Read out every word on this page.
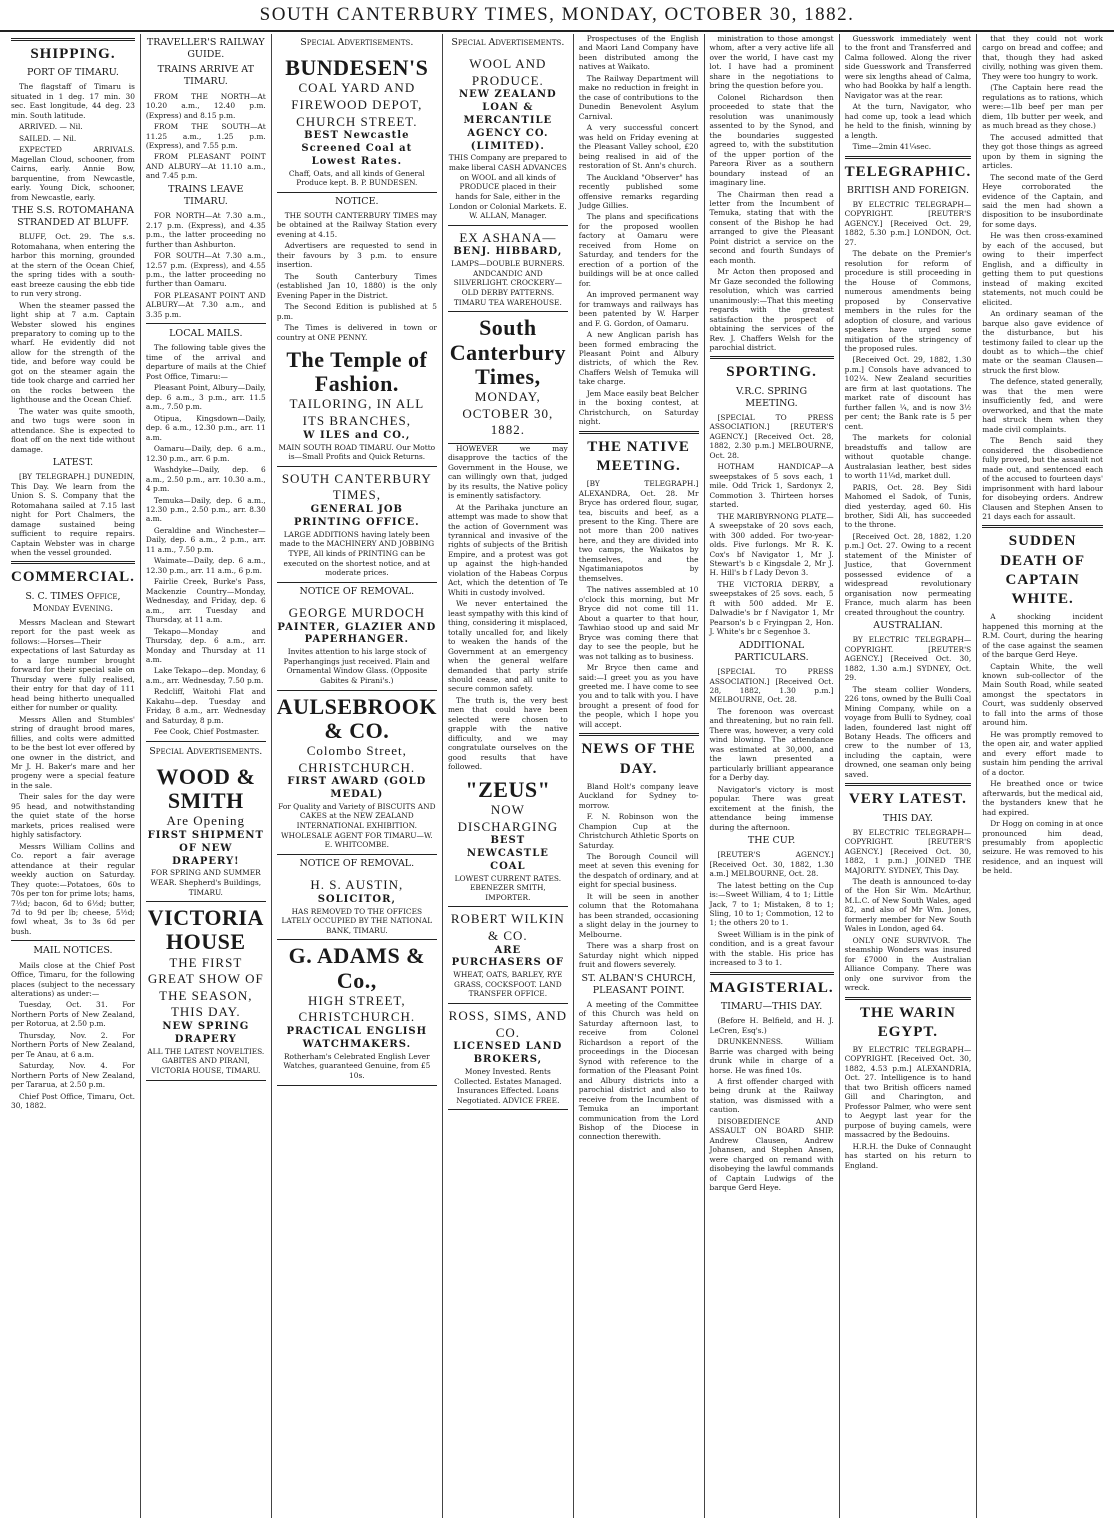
SOUTH CANTERBURY TIMES, MONDAY, OCTOBER 30, 1882.
SHIPPING.
PORT OF TIMARU.

The flagstaff of Timaru is situated in 1 deg. 17 min. 30 sec. East longitude, 44 deg. 23 min. South latitude.

ARRIVED. — Nil.

SAILED. — Nil.

EXPECTED ARRIVALS. Magellan Cloud, schooner, from Cairns, early. Annie Bow, barquentine, from Newcastle, early. Young Dick, schooner, from Newcastle, early.

THE S.S. ROTOMAHANA STRANDED AT BLUFF.

BLUFF, Oct. 29. The s.s. Rotomahana, when entering the harbor this morning, grounded at the stern of the Ocean Chief, the spring tides with a south-east breeze causing the ebb tide to run very strong.

When the steamer passed the light ship at 7 a.m. Captain Webster slowed his engines preparatory to coming up to the wharf. He evidently did not allow for the strength of the tide, and before way could be got on the steamer again the tide took charge and carried her on the rocks between the lighthouse and the Ocean Chief.

The water was quite smooth, and two tugs were soon in attendance. She is expected to float off on the next tide without damage.

LATEST.

[BY TELEGRAPH.] DUNEDIN, This Day. We learn from the Union S. S. Company that the Rotomahana sailed at 7.15 last night for Port Chalmers, the damage sustained being sufficient to require repairs. Captain Webster was in charge when the vessel grounded.

COMMERCIAL.
S. C. TIMES Office, Monday Evening.

Messrs Maclean and Stewart report for the past week as follows:—Horses—Their expectations of last Saturday as to a large number brought forward for their special sale on Thursday were fully realised, their entry for that day of 111 head being hitherto unequalled either for number or quality.

Messrs Allen and Stumbles' string of draught brood mares, fillies, and colts were admitted to be the best lot ever offered by one owner in the district, and Mr J. H. Baker's mare and her progeny were a special feature in the sale.

Their sales for the day were 95 head, and notwithstanding the quiet state of the horse markets, prices realised were highly satisfactory.

Messrs William Collins and Co. report a fair average attendance at their regular weekly auction on Saturday. They quote:—Potatoes, 60s to 70s per ton for prime lots; hams, 7½d; bacon, 6d to 6½d; butter, 7d to 9d per lb; cheese, 5½d; fowl wheat, 3s to 3s 6d per bush.

MAIL NOTICES.

Mails close at the Chief Post Office, Timaru, for the following places (subject to the necessary alterations) as under:—

Tuesday, Oct. 31. For Northern Ports of New Zealand, per Rotorua, at 2.50 p.m.

Thursday, Nov. 2. For Northern Ports of New Zealand, per Te Anau, at 6 a.m.

Saturday, Nov. 4. For Northern Ports of New Zealand, per Tararua, at 2.50 p.m.

Chief Post Office, Timaru, Oct. 30, 1882.

TRAVELLER'S RAILWAY GUIDE.
TRAINS ARRIVE AT TIMARU.

FROM THE NORTH—At 10.20 a.m., 12.40 p.m. (Express) and 8.15 p.m.

FROM THE SOUTH—At 11.25 a.m., 1.25 p.m. (Express), and 7.55 p.m.

FROM PLEASANT POINT AND ALBURY—At 11.10 a.m., and 7.45 p.m.

TRAINS LEAVE TIMARU.

FOR NORTH—At 7.30 a.m., 2.17 p.m. (Express), and 4.35 p.m., the latter proceeding no further than Ashburton.

FOR SOUTH—At 7.30 a.m., 12.57 p.m. (Express), and 4.55 p.m., the latter proceeding no further than Oamaru.

FOR PLEASANT POINT AND ALBURY—At 7.30 a.m., and 3.35 p.m.

LOCAL MAILS.

The following table gives the time of the arrival and departure of mails at the Chief Post Office, Timaru:—

Pleasant Point, Albury—Daily, dep. 6 a.m., 3 p.m., arr. 11.5 a.m., 7.50 p.m.

Otipua, Kingsdown—Daily, dep. 6 a.m., 12.30 p.m., arr. 11 a.m.

Oamaru—Daily, dep. 6 a.m., 12.30 p.m., arr. 6 p.m.

Washdyke—Daily, dep. 6 a.m., 2.50 p.m., arr. 10.30 a.m., 4 p.m.

Temuka—Daily, dep. 6 a.m., 12.30 p.m., 2.50 p.m., arr. 8.30 a.m.

Geraldine and Winchester—Daily, dep. 6 a.m., 2 p.m., arr. 11 a.m., 7.50 p.m.

Waimate—Daily, dep. 6 a.m., 12.30 p.m., arr. 11 a.m., 6 p.m.

Fairlie Creek, Burke's Pass, Mackenzie Country—Monday, Wednesday, and Friday, dep. 6 a.m., arr. Tuesday and Thursday, at 11 a.m.

Tekapo—Monday and Thursday, dep. 6 a.m., arr. Monday and Thursday at 11 a.m.

Lake Tekapo—dep. Monday, 6 a.m., arr. Wednesday, 7.50 p.m.

Redcliff, Waitohi Flat and Kakahu—dep. Tuesday and Friday, 8 a.m., arr. Wednesday and Saturday, 8 p.m.

Fee Cook, Chief Postmaster.

Special Advertisements.
WOOD & SMITH
Are Opening
FIRST SHIPMENT OF NEW DRAPERY!
FOR SPRING AND SUMMER WEAR. Shepherd's Buildings, TIMARU.
VICTORIA HOUSE
THE FIRST GREAT SHOW OF THE SEASON, THIS DAY.
NEW SPRING DRAPERY
ALL THE LATEST NOVELTIES. GABITES AND PIRANI, VICTORIA HOUSE, TIMARU.
Special Advertisements.
BUNDESEN'S
COAL YARD AND FIREWOOD DEPOT, CHURCH STREET.
BEST Newcastle Screened Coal at Lowest Rates.
Chaff, Oats, and all kinds of General Produce kept. B. P. BUNDESEN.
NOTICE.

THE SOUTH CANTERBURY TIMES may be obtained at the Railway Station every evening at 4.15.

Advertisers are requested to send in their favours by 3 p.m. to ensure insertion.

The South Canterbury Times (established Jan 10, 1880) is the only Evening Paper in the District.

The Second Edition is published at 5 p.m.

The Times is delivered in town or country at ONE PENNY.

The Temple of Fashion.
TAILORING, IN ALL ITS BRANCHES,
W ILES and CO.,
MAIN SOUTH ROAD TIMARU. Our Motto is—Small Profits and Quick Returns.
SOUTH CANTERBURY TIMES,
GENERAL JOB PRINTING OFFICE.
LARGE ADDITIONS having lately been made to the MACHINERY AND JOBBING TYPE, All kinds of PRINTING can be executed on the shortest notice, and at moderate prices.
NOTICE OF REMOVAL.
GEORGE MURDOCH
PAINTER, GLAZIER AND PAPERHANGER.
Invites attention to his large stock of Paperhangings just received. Plain and Ornamental Window Glass. (Opposite Gabites & Pirani's.)
AULSEBROOK & CO.
Colombo Street, CHRISTCHURCH.
FIRST AWARD (GOLD MEDAL)
For Quality and Variety of BISCUITS AND CAKES at the NEW ZEALAND INTERNATIONAL EXHIBITION. WHOLESALE AGENT FOR TIMARU—W. E. WHITCOMBE.
NOTICE OF REMOVAL.
H. S. AUSTIN,
SOLICITOR,
HAS REMOVED TO THE OFFICES LATELY OCCUPIED BY THE NATIONAL BANK, TIMARU.
G. ADAMS & Co.,
HIGH STREET, CHRISTCHURCH.
PRACTICAL ENGLISH WATCHMAKERS.
Rotherham's Celebrated English Lever Watches, guaranteed Genuine, from £5 10s.
Special Advertisements.
WOOL AND PRODUCE.
NEW ZEALAND LOAN & MERCANTILE AGENCY CO. (LIMITED).
THIS Company are prepared to make liberal CASH ADVANCES on WOOL and all kinds of PRODUCE placed in their hands for Sale, either in the London or Colonial Markets. E. W. ALLAN, Manager.
EX ASHANA—
BENJ. HIBBARD,
LAMPS—DOUBLE BURNERS. ANDCANDIC AND SILVERLIGHT. CROCKERY—OLD DERBY PATTERNS. TIMARU TEA WAREHOUSE.
South Canterbury Times,
MONDAY, OCTOBER 30, 1882.

HOWEVER we may disapprove the tactics of the Government in the House, we can willingly own that, judged by its results, the Native policy is eminently satisfactory.

At the Parihaka juncture an attempt was made to show that the action of Government was tyrannical and invasive of the rights of subjects of the British Empire, and a protest was got up against the high-handed violation of the Habeas Corpus Act, which the detention of Te Whiti in custody involved.

We never entertained the least sympathy with this kind of thing, considering it misplaced, totally uncalled for, and likely to weaken the hands of the Government at an emergency when the general welfare demanded that party strife should cease, and all unite to secure common safety.

The truth is, the very best men that could have been selected were chosen to grapple with the native difficulty, and we may congratulate ourselves on the good results that have followed.

"ZEUS"
NOW DISCHARGING
BEST NEWCASTLE COAL
LOWEST CURRENT RATES. EBENEZER SMITH, IMPORTER.
ROBERT WILKIN & CO.
ARE PURCHASERS OF
WHEAT, OATS, BARLEY, RYE GRASS, COCKSFOOT. LAND TRANSFER OFFICE.
ROSS, SIMS, AND CO.
LICENSED LAND BROKERS,
Money Invested. Rents Collected. Estates Managed. Insurances Effected. Loans Negotiated. ADVICE FREE.

Prospectuses of the English and Maori Land Company have been distributed among the natives at Waikato.

The Railway Department will make no reduction in freight in the case of contributions to the Dunedin Benevolent Asylum Carnival.

A very successful concert was held on Friday evening at the Pleasant Valley school, £20 being realised in aid of the restoration of St. Ann's church.

The Auckland "Observer" has recently published some offensive remarks regarding Judge Gillies.

The plans and specifications for the proposed woollen factory at Oamaru were received from Home on Saturday, and tenders for the erection of a portion of the buildings will be at once called for.

An improved permanent way for tramways and railways has been patented by W. Harper and F. G. Gordon, of Oamaru.

A new Anglican parish has been formed embracing the Pleasant Point and Albury districts, of which the Rev. Chaffers Welsh of Temuka will take charge.

Jem Mace easily beat Belcher in the boxing contest, at Christchurch, on Saturday night.

THE NATIVE MEETING.

[BY TELEGRAPH.] ALEXANDRA, Oct. 28. Mr Bryce has ordered flour, sugar, tea, biscuits and beef, as a present to the King. There are not more than 200 natives here, and they are divided into two camps, the Waikatos by themselves, and the Ngatimaniapotos by themselves.

The natives assembled at 10 o'clock this morning, but Mr Bryce did not come till 11. About a quarter to that hour, Tawhiao stood up and said Mr Bryce was coming there that day to see the people, but he was not talking as to business.

Mr Bryce then came and said:—I greet you as you have greeted me. I have come to see you and to talk with you. I have brought a present of food for the people, which I hope you will accept.

NEWS OF THE DAY.

Bland Holt's company leave Auckland for Sydney to-morrow.

F. N. Robinson won the Champion Cup at the Christchurch Athletic Sports on Saturday.

The Borough Council will meet at seven this evening for the despatch of ordinary, and at eight for special business.

It will be seen in another column that the Rotomahana has been stranded, occasioning a slight delay in the journey to Melbourne.

There was a sharp frost on Saturday night which nipped fruit and flowers severely.

ST. ALBAN'S CHURCH, PLEASANT POINT.

A meeting of the Committee of this Church was held on Saturday afternoon last, to receive from Colonel Richardson a report of the proceedings in the Diocesan Synod with reference to the formation of the Pleasant Point and Albury districts into a parochial district and also to receive from the Incumbent of Temuka an important communication from the Lord Bishop of the Diocese in connection therewith.

ministration to those amongst whom, after a very active life all over the world, I have cast my lot. I have had a prominent share in the negotiations to bring the question before you.

Colonel Richardson then proceeded to state that the resolution was unanimously assented to by the Synod, and the boundaries suggested agreed to, with the substitution of the upper portion of the Pareora River as a southern boundary instead of an imaginary line.

The Chairman then read a letter from the Incumbent of Temuka, stating that with the consent of the Bishop he had arranged to give the Pleasant Point district a service on the second and fourth Sundays of each month.

Mr Acton then proposed and Mr Gaze seconded the following resolution, which was carried unanimously:—That this meeting regards with the greatest satisfaction the prospect of obtaining the services of the Rev. J. Chaffers Welsh for the parochial district.

SPORTING.
V.R.C. SPRING MEETING.

[SPECIAL TO PRESS ASSOCIATION.] [REUTER'S AGENCY.] [Received Oct. 28, 1882, 2.30 p.m.] MELBOURNE, Oct. 28.

HOTHAM HANDICAP—A sweepstakes of 5 sovs each, 1 mile. Odd Trick 1, Sardonyx 2, Commotion 3. Thirteen horses started.

THE MARIBYRNONG PLATE—A sweepstake of 20 sovs each, with 300 added. For two-year-olds. Five furlongs. Mr R. K. Cox's bf Navigator 1, Mr J. Stewart's b c Kingsdale 2, Mr J. H. Hill's b f Lady Devon 3.

THE VICTORIA DERBY, a sweepstakes of 25 sovs. each, 5 ft with 500 added. Mr E. Dalwadie's br f Navigator 1, Mr Pearson's b c Fryingpan 2, Hon. J. White's br c Segenhoe 3.

ADDITIONAL PARTICULARS.

[SPECIAL TO PRESS ASSOCIATION.] [Received Oct. 28, 1882, 1.30 p.m.] MELBOURNE, Oct. 28.

The forenoon was overcast and threatening, but no rain fell. There was, however, a very cold wind blowing. The attendance was estimated at 30,000, and the lawn presented a particularly brilliant appearance for a Derby day.

Navigator's victory is most popular. There was great excitement at the finish, the attendance being immense during the afternoon.

THE CUP.

[REUTER'S AGENCY.] [Received Oct. 30, 1882, 1.30 a.m.] MELBOURNE, Oct. 28.

The latest betting on the Cup is:—Sweet William, 4 to 1; Little Jack, 7 to 1; Mistaken, 8 to 1; Sling, 10 to 1; Commotion, 12 to 1; the others 20 to 1.

Sweet William is in the pink of condition, and is a great favour with the stable. His price has increased to 3 to 1.

MAGISTERIAL.
TIMARU—THIS DAY.

(Before H. Belfield, and H. J. LeCren, Esq's.)

DRUNKENNESS. William Barrie was charged with being drunk while in charge of a horse. He was fined 10s.

A first offender charged with being drunk at the Railway station, was dismissed with a caution.

DISOBEDIENCE AND ASSAULT ON BOARD SHIP. Andrew Clausen, Andrew Johansen, and Stephen Ansen, were charged on remand with disobeying the lawful commands of Captain Ludwigs of the barque Gerd Heye.

Guesswork immediately went to the front and Transferred and Calma followed. Along the river side Guesswork and Transferred were six lengths ahead of Calma, who had Bookka by half a length. Navigator was at the rear.

At the turn, Navigator, who had come up, took a lead which he held to the finish, winning by a length.

Time—2min 41¼sec.

TELEGRAPHIC.
BRITISH AND FOREIGN.

BY ELECTRIC TELEGRAPH—COPYRIGHT. [REUTER'S AGENCY.] [Received Oct. 29, 1882, 5.30 p.m.] LONDON, Oct. 27.

The debate on the Premier's resolution for reform of procedure is still proceeding in the House of Commons, numerous amendments being proposed by Conservative members in the rules for the adoption of closure, and various speakers have urged some mitigation of the stringency of the proposed rules.

[Received Oct. 29, 1882, 1.30 p.m.] Consols have advanced to 102¼. New Zealand securities are firm at last quotations. The market rate of discount has further fallen ¼, and is now 3½ per cent; the Bank rate is 5 per cent.

The markets for colonial breadstuffs and tallow are without quotable change. Australasian leather, best sides to worth 11¼d, market dull.

PARIS, Oct. 28. Bey Sidi Mahomed el Sadok, of Tunis, died yesterday, aged 60. His brother, Sidi Ali, has succeeded to the throne.

[Received Oct. 28, 1882, 1.20 p.m.] Oct. 27. Owing to a recent statement of the Minister of Justice, that Government possessed evidence of a widespread revolutionary organisation now permeating France, much alarm has been created throughout the country.

AUSTRALIAN.

BY ELECTRIC TELEGRAPH—COPYRIGHT. [REUTER'S AGENCY.] [Received Oct. 30, 1882, 1.30 a.m.] SYDNEY, Oct. 29.

The steam collier Wonders, 226 tons, owned by the Bulli Coal Mining Company, while on a voyage from Bulli to Sydney, coal laden, foundered last night off Botany Heads. The officers and crew to the number of 13, including the captain, were drowned, one seaman only being saved.

VERY LATEST.
THIS DAY.

BY ELECTRIC TELEGRAPH—COPYRIGHT. [REUTER'S AGENCY.] [Received Oct. 30, 1882, 1 p.m.] JOINED THE MAJORITY. SYDNEY, This Day.

The death is announced to-day of the Hon Sir Wm. McArthur, M.L.C. of New South Wales, aged 82, and also of Mr Wm. Jones, formerly member for New South Wales in London, aged 64.

ONLY ONE SURVIVOR. The steamship Wonders was insured for £7000 in the Australian Alliance Company. There was only one survivor from the wreck.

THE WARIN EGYPT.

BY ELECTRIC TELEGRAPH—COPYRIGHT. [Received Oct. 30, 1882, 4.53 p.m.] ALEXANDRIA, Oct. 27. Intelligence is to hand that two British officers named Gill and Charington, and Professor Palmer, who were sent to Aegypt last year for the purpose of buying camels, were massacred by the Bedouins.

H.R.H. the Duke of Connaught has started on his return to England.

that they could not work cargo on bread and coffee; and that, though they had asked civilly, nothing was given them. They were too hungry to work.

(The Captain here read the regulations as to rations, which were:—1lb beef per man per diem, 1lb butter per week, and as much bread as they chose.)

The accused admitted that they got those things as agreed upon by them in signing the articles.

The second mate of the Gerd Heye corroborated the evidence of the Captain, and said the men had shown a disposition to be insubordinate for some days.

He was then cross-examined by each of the accused, but owing to their imperfect English, and a difficulty in getting them to put questions instead of making excited statements, not much could be elicited.

An ordinary seaman of the barque also gave evidence of the disturbance, but his testimony failed to clear up the doubt as to which—the chief mate or the seaman Clausen—struck the first blow.

The defence, stated generally, was that the men were insufficiently fed, and were overworked, and that the mate had struck them when they made civil complaints.

The Bench said they considered the disobedience fully proved, but the assault not made out, and sentenced each of the accused to fourteen days' imprisonment with hard labour for disobeying orders. Andrew Clausen and Stephen Ansen to 21 days each for assault.

SUDDEN DEATH OF CAPTAIN WHITE.

A shocking incident happened this morning at the R.M. Court, during the hearing of the case against the seamen of the barque Gerd Heye.

Captain White, the well known sub-collector of the Main South Road, while seated amongst the spectators in Court, was suddenly observed to fall into the arms of those around him.

He was promptly removed to the open air, and water applied and every effort made to sustain him pending the arrival of a doctor.

He breathed once or twice afterwards, but the medical aid, the bystanders knew that he had expired.

Dr Hogg on coming in at once pronounced him dead, presumably from apoplectic seizure. He was removed to his residence, and an inquest will be held.
